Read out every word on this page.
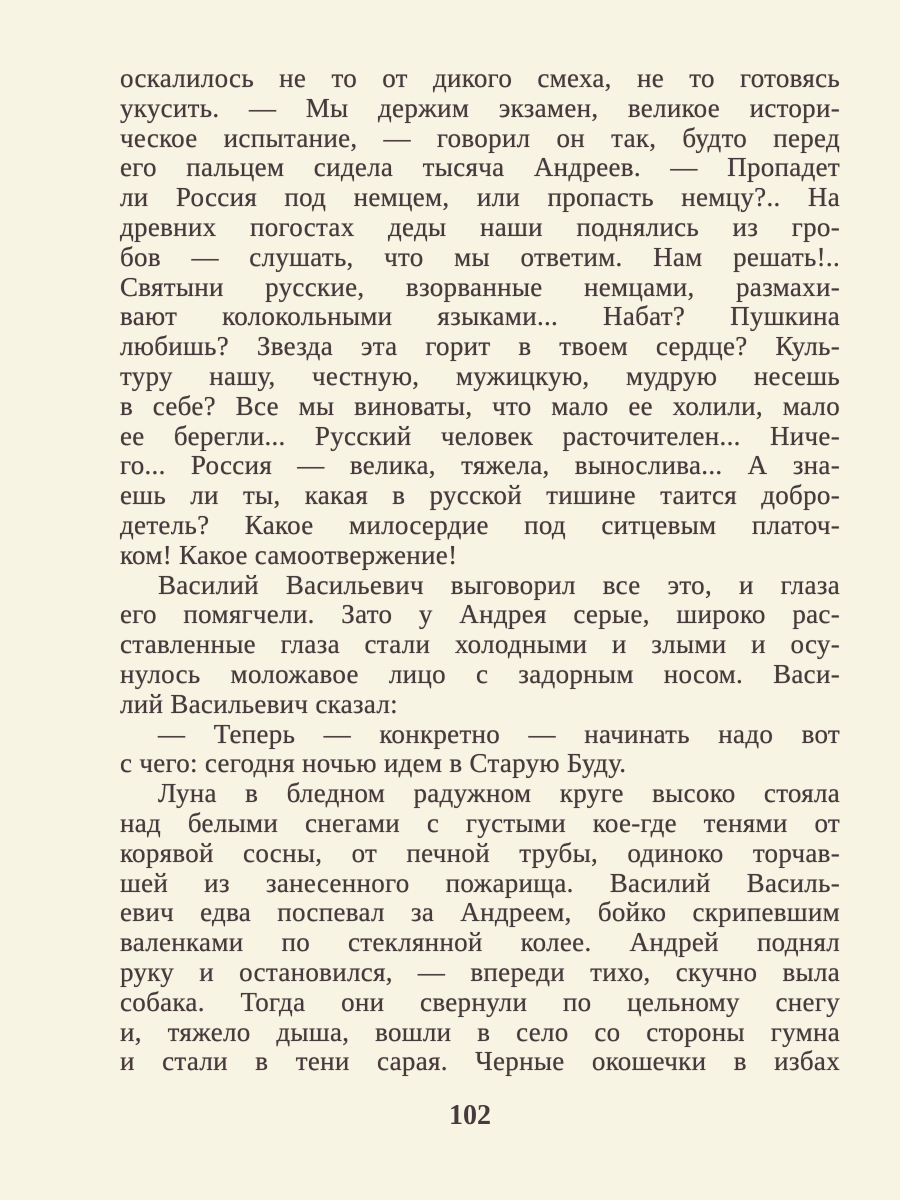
оскалилось не то от дикого смеха, не то готовясь
укусить. — Мы держим экзамен, великое истори-
ческое испытание, — говорил он так, будто перед
его пальцем сидела тысяча Андреев. — Пропадет
ли Россия под немцем, или пропасть немцу?.. На
древних погостах деды наши поднялись из гро-
бов — слушать, что мы ответим. Нам решать!..
Святыни русские, взорванные немцами, размахи-
вают колокольными языками... Набат? Пушкина
любишь? Звезда эта горит в твоем сердце? Куль-
туру нашу, честную, мужицкую, мудрую несешь
в себе? Все мы виноваты, что мало ее холили, мало
ее берегли... Русский человек расточителен... Ниче-
го... Россия — велика, тяжела, вынослива... А зна-
ешь ли ты, какая в русской тишине таится добро-
детель? Какое милосердие под ситцевым платоч-
ком! Какое самоотвержение!
Василий Васильевич выговорил все это, и глаза
его помягчели. Зато у Андрея серые, широко рас-
ставленные глаза стали холодными и злыми и осу-
нулось моложавое лицо с задорным носом. Васи-
лий Васильевич сказал:
— Теперь — конкретно — начинать надо вот
с чего: сегодня ночью идем в Старую Буду.
Луна в бледном радужном круге высоко стояла
над белыми снегами с густыми кое-где тенями от
корявой сосны, от печной трубы, одиноко торчав-
шей из занесенного пожарища. Василий Василь-
евич едва поспевал за Андреем, бойко скрипевшим
валенками по стеклянной колее. Андрей поднял
руку и остановился, — впереди тихо, скучно выла
собака. Тогда они свернули по цельному снегу
и, тяжело дыша, вошли в село со стороны гумна
и стали в тени сарая. Черные окошечки в избах
102
